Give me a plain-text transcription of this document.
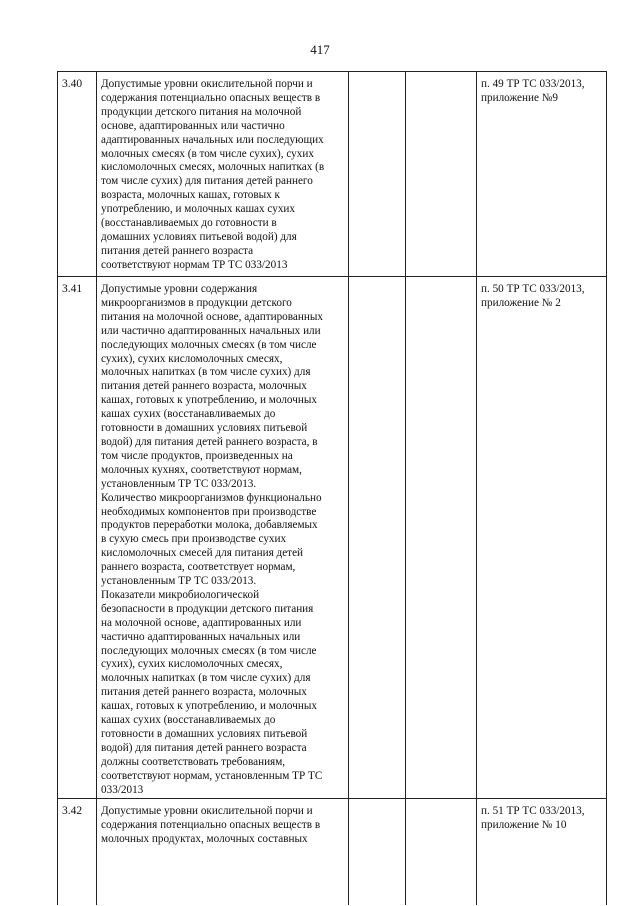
417
3.40 Допустимые уровни окислительной порчи и
содержания потенциально опасных веществ в
продукции детского питания на молочной
основе, адаптированных или частично
адаптированных начальных или последующих
молочных смесях (в том числе сухих), сухих
кисломолочных смесях, молочных напитках (в
том числе сухих) для питания детей раннего
возраста, молочных кашах, готовых к
употреблению, и молочных кашах сухих
(восстанавливаемых до готовности в
домашних условиях питьевой водой) для
питания детей раннего возраста
соответствуют нормам ТР ТС 033/2013
п. 49 ТР ТС 033/2013,
приложение №9
3.41 Допустимые уровни содержания
микроорганизмов в продукции детского
питания на молочной основе, адаптированных
или частично адаптированных начальных или
последующих молочных смесях (в том числе
сухих), сухих кисломолочных смесях,
молочных напитках (в том числе сухих) для
питания детей раннего возраста, молочных
кашах, готовых к употреблению, и молочных
кашах сухих (восстанавливаемых до
готовности в домашних условиях питьевой
водой) для питания детей раннего возраста, в
том числе продуктов, произведенных на
молочных кухнях, соответствуют нормам,
установленным ТР ТС 033/2013.
Количество микроорганизмов функционально
необходимых компонентов при производстве
продуктов переработки молока, добавляемых
в сухую смесь при производстве сухих
кисломолочных смесей для питания детей
раннего возраста, соответствует нормам,
установленным ТР ТС 033/2013.
Показатели микробиологической
безопасности в продукции детского питания
на молочной основе, адаптированных или
частично адаптированных начальных или
последующих молочных смесях (в том числе
сухих), сухих кисломолочных смесях,
молочных напитках (в том числе сухих) для
питания детей раннего возраста, молочных
кашах, готовых к употреблению, и молочных
кашах сухих (восстанавливаемых до
готовности в домашних условиях питьевой
водой) для питания детей раннего возраста
должны соответствовать требованиям,
соответствуют нормам, установленным ТР ТС
033/2013
п. 50 ТР ТС 033/2013,
приложение № 2
3.42 Допустимые уровни окислительной порчи и
содержания потенциально опасных веществ в
молочных продуктах, молочных составных
п. 51 ТР ТС 033/2013,
приложение № 10
